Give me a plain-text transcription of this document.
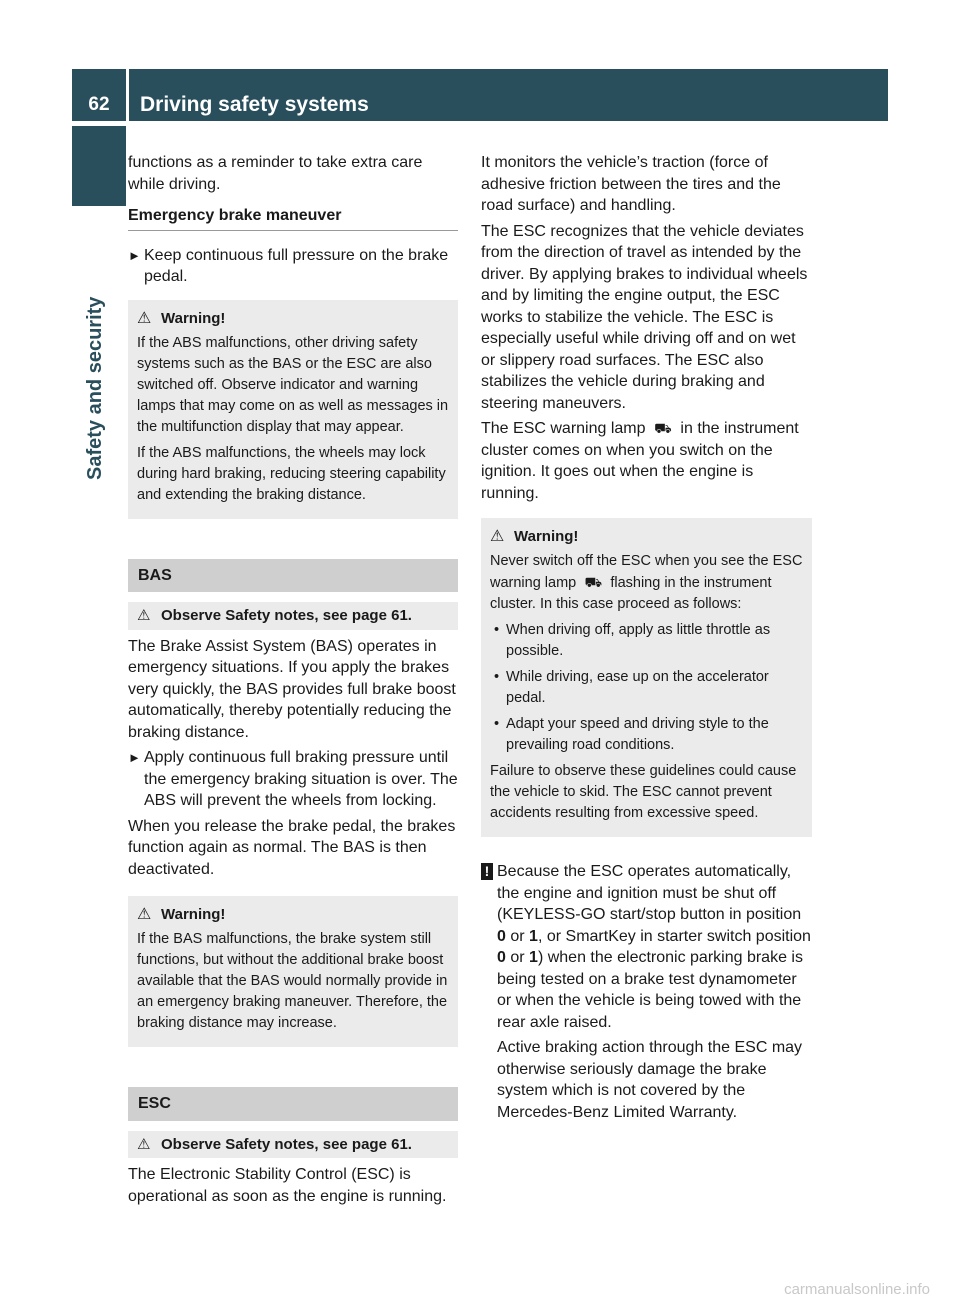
62	Driving safety systems
Safety and security

functions as a reminder to take extra care while driving.

Emergency brake maneuver
► Keep continuous full pressure on the brake pedal.
⚠ Warning!

If the ABS malfunctions, other driving safety systems such as the BAS or the ESC are also switched off. Observe indicator and warning lamps that may come on as well as messages in the multifunction display that may appear.

If the ABS malfunctions, the wheels may lock during hard braking, reducing steering capability and extending the braking distance.

BAS
⚠ Observe Safety notes, see page 61.

The Brake Assist System (BAS) operates in emergency situations. If you apply the brakes very quickly, the BAS provides full brake boost automatically, thereby potentially reducing the braking distance.

► Apply continuous full braking pressure until the emergency braking situation is over. The ABS will prevent the wheels from locking.

When you release the brake pedal, the brakes function again as normal. The BAS is then deactivated.

⚠ Warning!

If the BAS malfunctions, the brake system still functions, but without the additional brake boost available that the BAS would normally provide in an emergency braking maneuver. Therefore, the braking distance may increase.

ESC
⚠ Observe Safety notes, see page 61.

The Electronic Stability Control (ESC) is operational as soon as the engine is running.

It monitors the vehicle’s traction (force of adhesive friction between the tires and the road surface) and handling.

The ESC recognizes that the vehicle deviates from the direction of travel as intended by the driver. By applying brakes to individual wheels and by limiting the engine output, the ESC works to stabilize the vehicle. The ESC is especially useful while driving off and on wet or slippery road surfaces. The ESC also stabilizes the vehicle during braking and steering maneuvers.

The ESC warning lamp ⛟ in the instrument cluster comes on when you switch on the ignition. It goes out when the engine is running.

⚠ Warning!

Never switch off the ESC when you see the ESC warning lamp ⛟ flashing in the instrument cluster. In this case proceed as follows:

• When driving off, apply as little throttle as possible.
• While driving, ease up on the accelerator pedal.
• Adapt your speed and driving style to the prevailing road conditions.

Failure to observe these guidelines could cause the vehicle to skid. The ESC cannot prevent accidents resulting from excessive speed.

! Because the ESC operates automatically, the engine and ignition must be shut off (KEYLESS-GO start/stop button in position 0 or 1, or SmartKey in starter switch position 0 or 1) when the electronic parking brake is being tested on a brake test dynamometer or when the vehicle is being towed with the rear axle raised.

Active braking action through the ESC may otherwise seriously damage the brake system which is not covered by the Mercedes-Benz Limited Warranty.

carmanualsonline.info
